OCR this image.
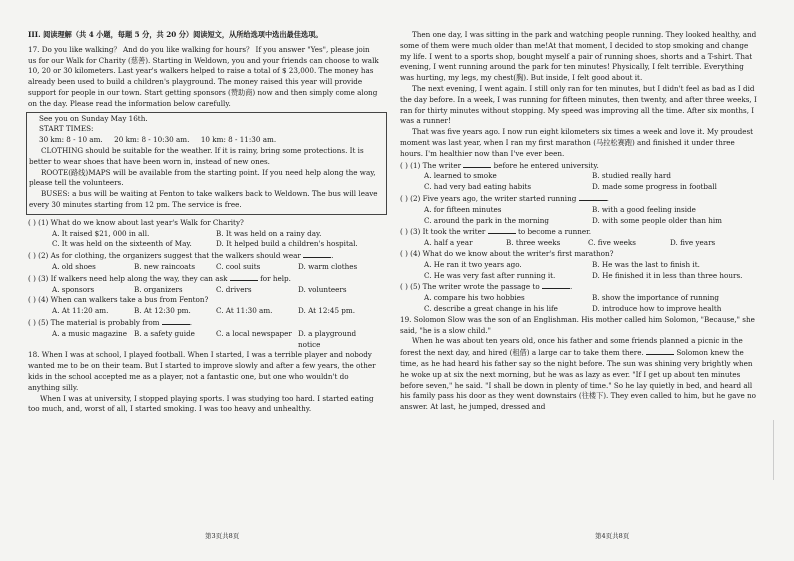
III. 阅读理解（共 4 小题，每题 5 分，共 20 分）阅读短文，从所给选项中选出最佳选项。

17. Do you like walking？ And do you like walking for hours？ If you answer "Yes", please join us for our Walk for Charity (慈善). Starting in Weldown, you and your friends can choose to walk 10, 20 or 30 kilometers. Last year's walkers helped to raise a total of $ 23,000. The money has already been used to build a children's playground. The money raised this year will provide support for people in our town. Start getting sponsors (赞助商) now and then simply come along on the day. Please read the information below carefully.

See you on Sunday May 16th.

START TIMES:

30 km: 8 - 10 am. 20 km: 8 - 10:30 am. 10 km: 8 - 11:30 am.

CLOTHING should be suitable for the weather. If it is rainy, bring some protections. It is better to wear shoes that have been worn in, instead of new ones.

ROOTE(路线)MAPS will be available from the starting point. If you need help along the way, please tell the volunteers.

BUSES: a bus will be waiting at Fenton to take walkers back to Weldown. The bus will leave every 30 minutes starting from 12 pm. The service is free.

( ) (1) What do we know about last year's Walk for Charity?

A. It raised $21, 000 in all.	B. It was held on a rainy day.
C. It was held on the sixteenth of May.	D. It helped build a children's hospital.

( ) (2) As for clothing, the organizers suggest that the walkers should wear	.

A. old shoes	B. new raincoats	C. cool suits	D. warm clothes

( ) (3) If walkers need help along the way, they can ask	for help.

A. sponsors	B. organizers	C. drivers	D. volunteers

( ) (4) When can walkers take a bus from Fenton?

A. At 11:20 am.	B. At 12:30 pm.	C. At 11:30 am.	D. At 12:45 pm.

( ) (5) The material is probably from	.

A. a music magazine B. a safety guide	C. a local newspaper D. a playground notice

18. When I was at school, I played football. When I started, I was a terrible player and nobody wanted me to be on their team. But I started to improve slowly and after a few years, the other kids in the school accepted me as a player, not a fantastic one, but one who wouldn't do anything silly.

When I was at university, I stopped playing sports. I was studying too hard. I started eating too much, and, worst of all, I started smoking. I was too heavy and unhealthy.

Then one day, I was sitting in the park and watching people running. They looked healthy, and some of them were much older than me!At that moment, I decided to stop smoking and change my life. I went to a sports shop, bought myself a pair of running shoes, shorts and a T-shirt. That evening, I went running around the park for ten minutes! Physically, I felt terrible. Everything was hurting, my legs, my chest(胸). But inside, I felt good about it.

The next evening, I went again. I still only ran for ten minutes, but I didn't feel as bad as I did the day before. In a week, I was running for fifteen minutes, then twenty, and after three weeks, I ran for thirty minutes without stopping. My speed was improving all the time. After six months, I was a runner!

That was five years ago. I now run eight kilometers six times a week and love it. My proudest moment was last year, when I ran my first marathon (马拉松赛跑) and finished it under three hours. I'm healthier now than I've ever been.

( ) (1) The writer	before he entered university.

A. learned to smoke	B. studied really hard
C. had very bad eating habits	D. made some progress in football

( ) (2) Five years ago, the writer started running	.

A. for fifteen minutes	B. with a good feeling inside
C. around the park in the morning	D. with some people older than him

( ) (3) It took the writer	to become a runner.

A. half a year	B. three weeks	C. five weeks	D. five years

( ) (4) What do we know about the writer's first marathon?

A. He ran it two years ago.	B. He was the last to finish it.
C. He was very fast after running it.	D. He finished it in less than three hours.

( ) (5) The writer wrote the passage to	.

A. compare his two hobbies	B. show the importance of running
C. describe a great change in his life	D. introduce how to improve health

19. Solomon Slow was the son of an Englishman. His mother called him Solomon, "Because," she said, "he is a slow child."

When he was about ten years old, once his father and some friends planned a picnic in the forest the next day, and hired (租借) a large car to take them there.	Solomon knew the time, as he had heard his father say so the night before. The sun was shining very brightly when he woke up at six the next morning, but he was as lazy as ever. "If I get up about ten minutes before seven," he said. "I shall be down in plenty of time." So he lay quietly in bed, and heard all his family pass his door as they went downstairs (往楼下). They even called to him, but he gave no answer. At last, he jumped, dressed and

第3页共8页	第4页共8页
